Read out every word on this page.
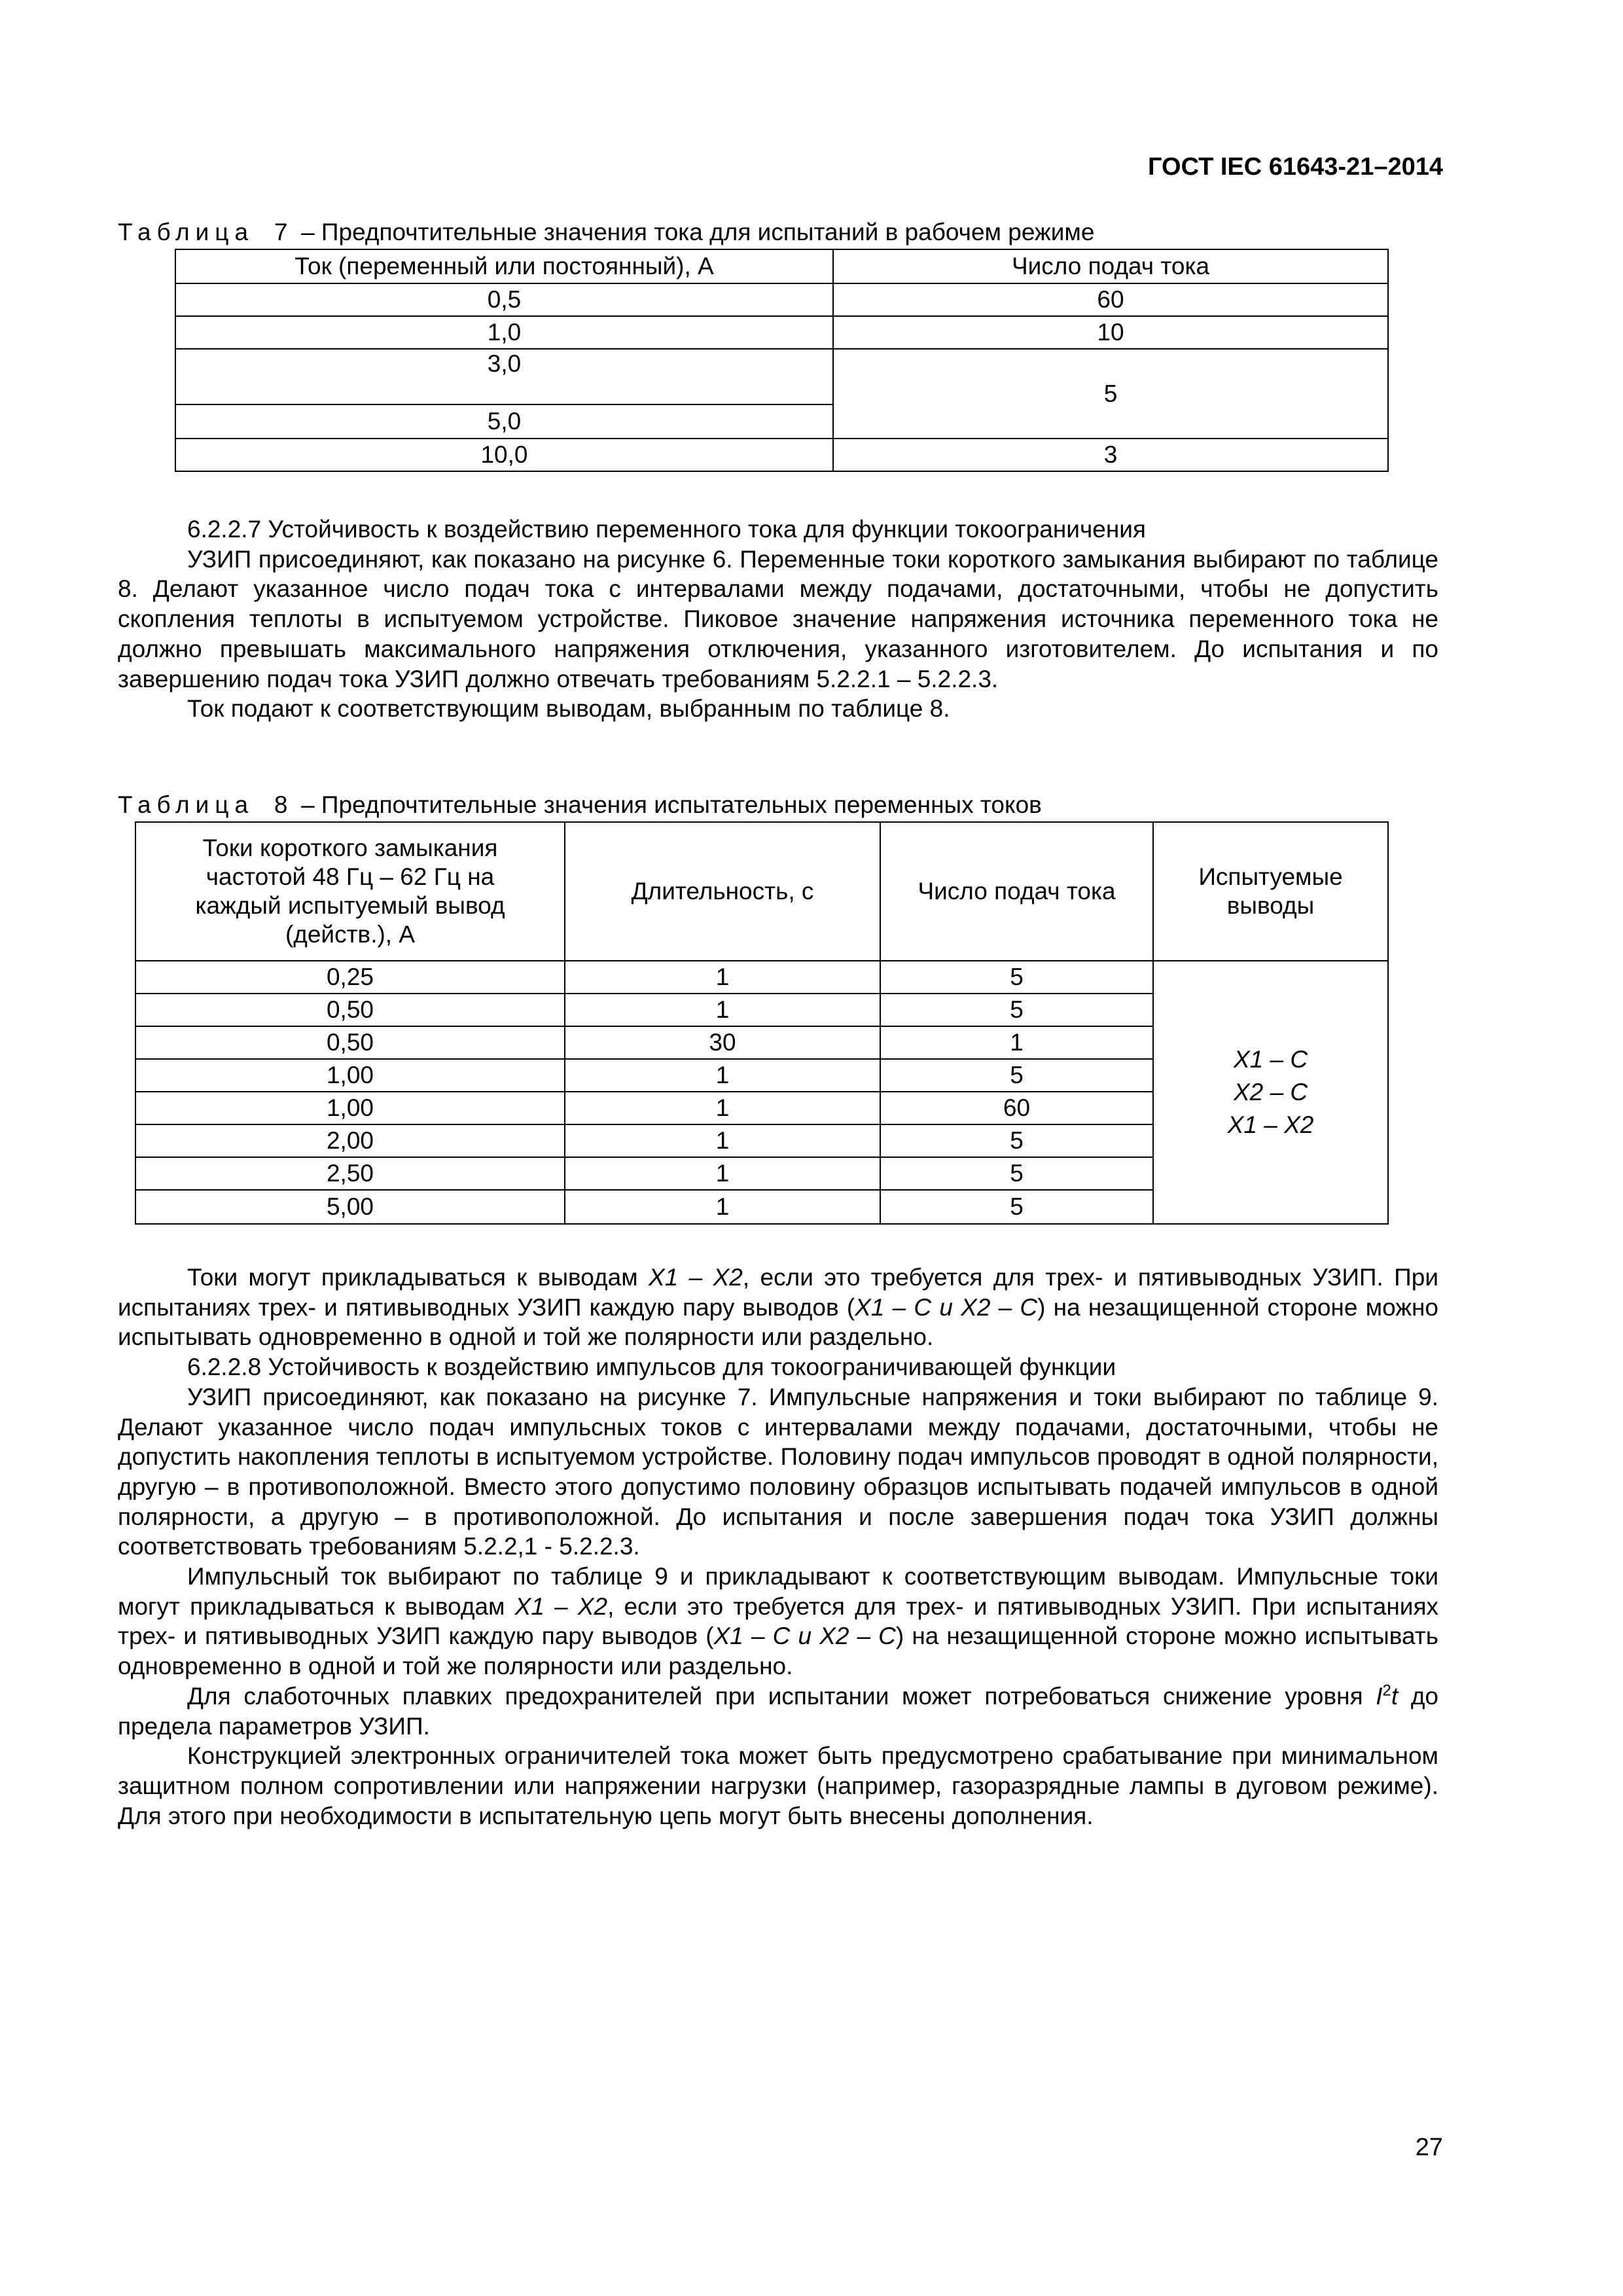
ГОСТ IEC 61643-21–2014
Таблица 7 – Предпочтительные значения тока для испытаний в рабочем режиме
Ток (переменный или постоянный), А	Число подач тока
0,5	60
1,0	10
3,0	5
5,0	
10,0	3

6.2.2.7 Устойчивость к воздействию переменного тока для функции токоограничения

УЗИП присоединяют, как показано на рисунке 6. Переменные токи короткого замыкания выбирают по таблице 8. Делают указанное число подач тока с интервалами между подачами, достаточными, чтобы не допустить скопления теплоты в испытуемом устройстве. Пиковое значение напряжения источника переменного тока не должно превышать максимального напряжения отключения, указанного изготовителем. До испытания и по завершению подач тока УЗИП должно отвечать требованиям 5.2.2.1 – 5.2.2.3.

Ток подают к соответствующим выводам, выбранным по таблице 8.

Таблица 8 – Предпочтительные значения испытательных переменных токов
Токи короткого замыкания частотой 48 Гц – 62 Гц на каждый испытуемый вывод (действ.), А	Длительность, с	Число подач тока	Испытуемые выводы
0,25	1	5	X1 – C
X2 – C
X1 – X2

0,50	1	5	
0,50	30	1	
1,00	1	5	
1,00	1	60	
2,00	1	5	
2,50	1	5	
5,00	1	5	

Токи могут прикладываться к выводам X1 – X2, если это требуется для трех- и пятивыводных УЗИП. При испытаниях трех- и пятивыводных УЗИП каждую пару выводов (X1 – C и X2 – C) на незащищенной стороне можно испытывать одновременно в одной и той же полярности или раздельно.

6.2.2.8 Устойчивость к воздействию импульсов для токоограничивающей функции

УЗИП присоединяют, как показано на рисунке 7. Импульсные напряжения и токи выбирают по таблице 9. Делают указанное число подач импульсных токов с интервалами между подачами, достаточными, чтобы не допустить накопления теплоты в испытуемом устройстве. Половину подач импульсов проводят в одной полярности, другую – в противоположной. Вместо этого допустимо половину образцов испытывать подачей импульсов в одной полярности, а другую – в противоположной. До испытания и после завершения подач тока УЗИП должны соответствовать требованиям 5.2.2,1 - 5.2.2.3.

Импульсный ток выбирают по таблице 9 и прикладывают к соответствующим выводам. Импульсные токи могут прикладываться к выводам X1 – X2, если это требуется для трех- и пятивыводных УЗИП. При испытаниях трех- и пятивыводных УЗИП каждую пару выводов (X1 – C и X2 – C) на незащищенной стороне можно испытывать одновременно в одной и той же полярности или раздельно.

Для слаботочных плавких предохранителей при испытании может потребоваться снижение уровня $I^2t$ до предела параметров УЗИП.

Конструкцией электронных ограничителей тока может быть предусмотрено срабатывание при минимальном защитном полном сопротивлении или напряжении нагрузки (например, газоразрядные лампы в дуговом режиме). Для этого при необходимости в испытательную цепь могут быть внесены дополнения.

27
